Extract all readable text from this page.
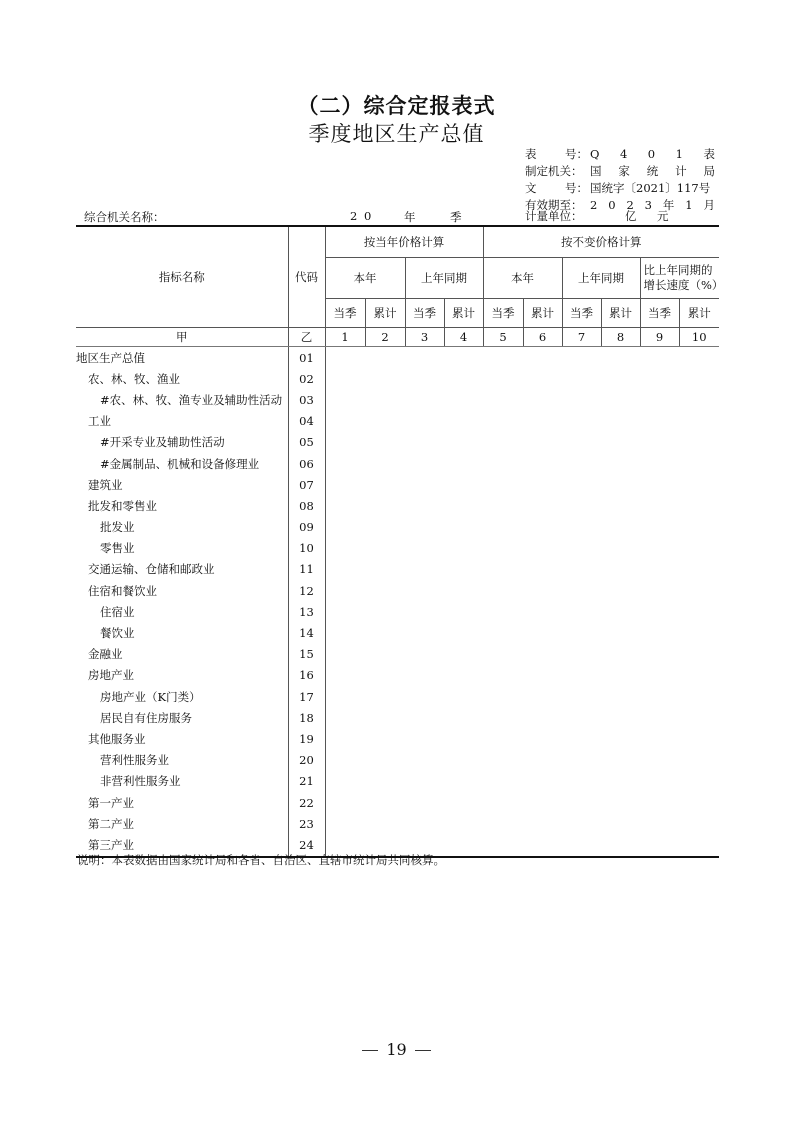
（二）综合定报表式
季度地区生产总值
表 号： Q 4 0 1 表
制定机关： 国 家 统 计 局
文 号： 国统字〔2021〕117号
有效期至： 2 0 2 3 年 1 月
综合机关名称：	2 0	年	季	计量单位：	亿	元
指标名称	代码	按当年价格计算				按不变价格计算					
		本年		上年同期		本年		上年同期		比上年同期的增长速度（%）	
		当季	累计	当季	累计	当季	累计	当季	累计	当季	累计
甲	乙	1	2	3	4	5	6	7	8	9	10
地区生产总值	01										
农、林、牧、渔业	02										
#农、林、牧、渔专业及辅助性活动	03										
工业	04										
#开采专业及辅助性活动	05										
#金属制品、机械和设备修理业	06										
建筑业	07										
批发和零售业	08										
批发业	09										
零售业	10										
交通运输、仓储和邮政业	11										
住宿和餐饮业	12										
住宿业	13										
餐饮业	14										
金融业	15										
房地产业	16										
房地产业（K门类）	17										
居民自有住房服务	18										
其他服务业	19										
营利性服务业	20										
非营利性服务业	21										
第一产业	22										
第二产业	23										
第三产业	24										
说明：本表数据由国家统计局和各省、自治区、直辖市统计局共同核算。
19
